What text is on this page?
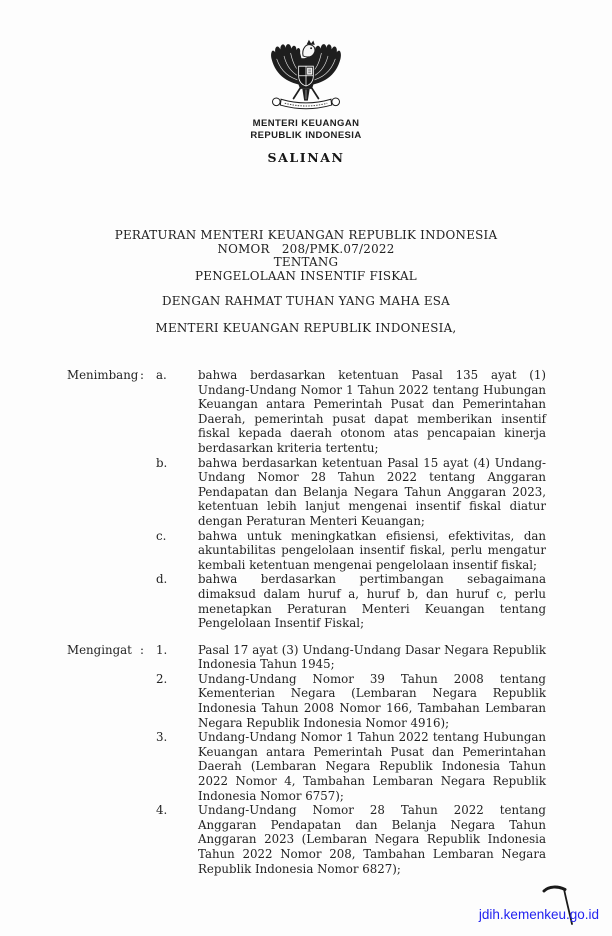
MENTERI KEUANGAN
REPUBLIK INDONESIA
SALINAN
PERATURAN MENTERI KEUANGAN REPUBLIK INDONESIA
NOMOR   208/PMK.07/2022
TENTANG
PENGELOLAAN INSENTIF FISKAL
DENGAN RAHMAT TUHAN YANG MAHA ESA
MENTERI KEUANGAN REPUBLIK INDONESIA,
Menimbang :	a.	bahwa berdasarkan ketentuan Pasal 135 ayat (1) Undang-Undang Nomor 1 Tahun 2022 tentang Hubungan Keuangan antara Pemerintah Pusat dan Pemerintahan Daerah, pemerintah pusat dapat memberikan insentif fiskal kepada daerah otonom atas pencapaian kinerja berdasarkan kriteria tertentu;
b.	bahwa berdasarkan ketentuan Pasal 15 ayat (4) Undang-Undang Nomor 28 Tahun 2022 tentang Anggaran Pendapatan dan Belanja Negara Tahun Anggaran 2023, ketentuan lebih lanjut mengenai insentif fiskal diatur dengan Peraturan Menteri Keuangan;
c.	bahwa untuk meningkatkan efisiensi, efektivitas, dan akuntabilitas pengelolaan insentif fiskal, perlu mengatur kembali ketentuan mengenai pengelolaan insentif fiskal;
d.	bahwa berdasarkan pertimbangan sebagaimana dimaksud dalam huruf a, huruf b, dan huruf c, perlu menetapkan Peraturan Menteri Keuangan tentang Pengelolaan Insentif Fiskal;
Mengingat :	1.	Pasal 17 ayat (3) Undang-Undang Dasar Negara Republik Indonesia Tahun 1945;
2.	Undang-Undang Nomor 39 Tahun 2008 tentang Kementerian Negara (Lembaran Negara Republik Indonesia Tahun 2008 Nomor 166, Tambahan Lembaran Negara Republik Indonesia Nomor 4916);
3.	Undang-Undang Nomor 1 Tahun 2022 tentang Hubungan Keuangan antara Pemerintah Pusat dan Pemerintahan Daerah (Lembaran Negara Republik Indonesia Tahun 2022 Nomor 4, Tambahan Lembaran Negara Republik Indonesia Nomor 6757);
4.	Undang-Undang Nomor 28 Tahun 2022 tentang Anggaran Pendapatan dan Belanja Negara Tahun Anggaran 2023 (Lembaran Negara Republik Indonesia Tahun 2022 Nomor 208, Tambahan Lembaran Negara Republik Indonesia Nomor 6827);
jdih.kemenkeu.go.id
